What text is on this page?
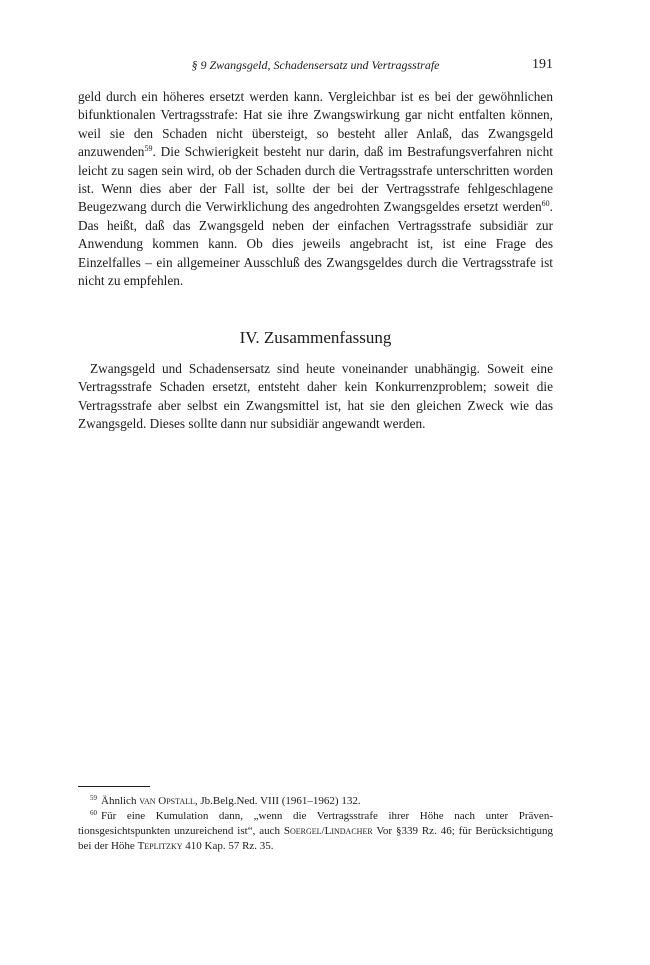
§ 9 Zwangsgeld, Schadensersatz und Vertragsstrafe	191

geld durch ein höheres ersetzt werden kann. Vergleichbar ist es bei der gewöhnlichen bifunktionalen Vertragsstrafe: Hat sie ihre Zwangswirkung gar nicht entfalten können, weil sie den Schaden nicht übersteigt, so besteht aller Anlaß, das Zwangsgeld anzuwenden$^{59}$. Die Schwierigkeit besteht nur darin, daß im Bestrafungsverfahren nicht leicht zu sagen sein wird, ob der Schaden durch die Vertragsstrafe unterschritten worden ist. Wenn dies aber der Fall ist, sollte der bei der Vertragsstrafe fehlgeschlagene Beugezwang durch die Verwirklichung des angedrohten Zwangsgeldes ersetzt werden$^{60}$. Das heißt, daß das Zwangsgeld neben der einfachen Vertragsstrafe subsidiär zur Anwendung kommen kann. Ob dies jeweils angebracht ist, ist eine Frage des Einzelfalles – ein allgemeiner Ausschluß des Zwangsgeldes durch die Vertragsstrafe ist nicht zu empfehlen.

IV. Zusammenfassung

Zwangsgeld und Schadensersatz sind heute voneinander unabhängig. Soweit eine Vertragsstrafe Schaden ersetzt, entsteht daher kein Konkurrenzproblem; soweit die Vertragsstrafe aber selbst ein Zwangsmittel ist, hat sie den gleichen Zweck wie das Zwangsgeld. Dieses sollte dann nur subsidiär angewandt werden.

$^{59}$ Ähnlich van Opstall, Jb.Belg.Ned. VIII (1961–1962) 132.

$^{60}$ Für eine Kumulation dann, „wenn die Vertragsstrafe ihrer Höhe nach unter Präventionsgesichtspunkten unzureichend ist“, auch Soergel/Lindacher Vor §339 Rz. 46; für Berücksichtigung bei der Höhe Teplitzky 410 Kap. 57 Rz. 35.
